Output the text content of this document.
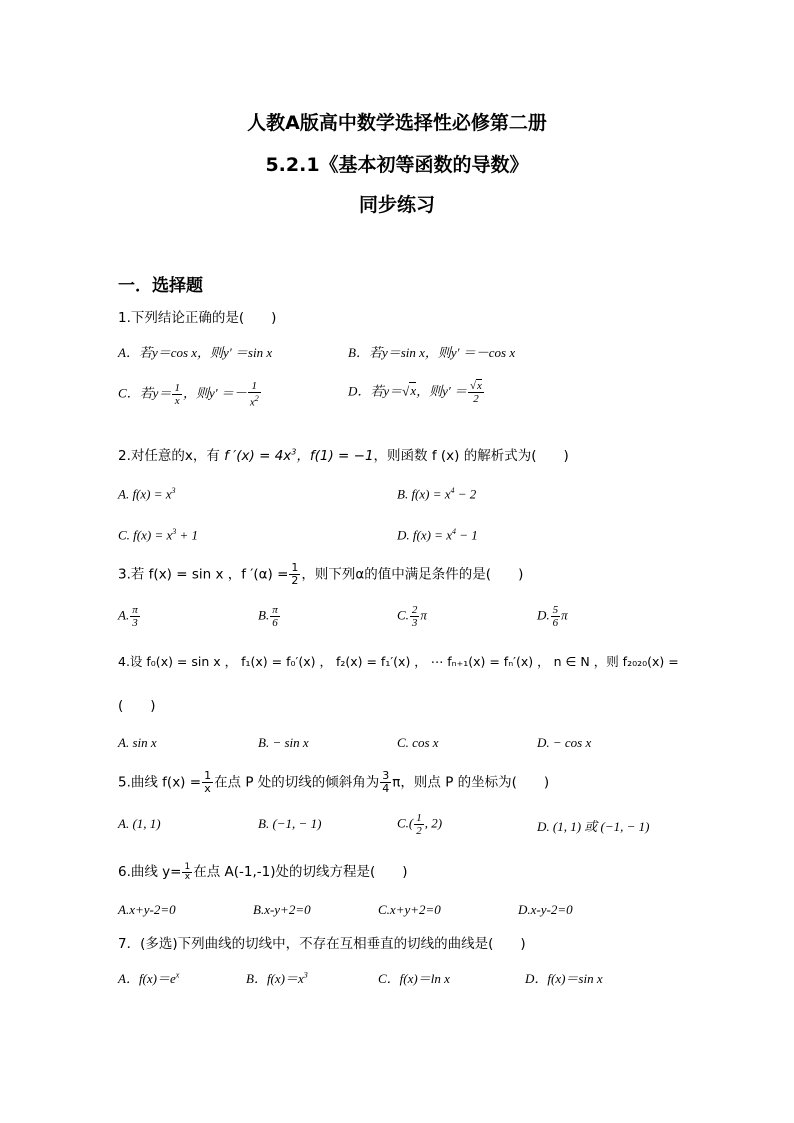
人教A版高中数学选择性必修第二册
5.2.1《基本初等函数的导数》
同步练习
一．选择题
1.下列结论正确的是(　　)
A．若y＝cos x，则y′ ＝sin x	B．若y＝sin x，则y′ ＝－cos x
C．若$y= \frac{1}{x}$ ，则$y' =- \frac{1}{x^2}$	D．若y＝√x，则$y' = \frac{√x}{2}$
2.对任意的x，有 f $'(x) = 4x^3$，f(1) = −1，则函数 f (x) 的解析式为(　　)
A. $f(x) = x^3$	B. $f(x) = x^4 - 2$
C. $f(x) = x^3 + 1$	D. $f(x) = x^4 - 1$
3.若 f(x) = sin x ，f $'(\alpha) = \frac{1}{2}$ ，则下列α的值中满足条件的是(　　)
A. $\frac{\pi}{3}$	B. $\frac{\pi}{6}$	C. $\frac{2}{3}$ π	D. $\frac{5}{6}$ π
4.设 f₀(x) = sin x ， f₁(x) = f₀′(x) ， f₂(x) = f₁′(x) ， ⋯ fₙ₊₁(x) = fₙ′(x) ， n ∈ N ，则 f₂₀₂₀(x) =
(　　)
A. sin x	B. − sin x	C. cos x	D. − cos x
5.曲线 $f(x) = \frac{1}{x}$ 在点 P 处的切线的倾斜角为 $\frac{3}{4}$ π，则点 P 的坐标为(　　)
A. (1, 1)	B. (−1, − 1)	$C.( \frac{1}{2}$ , 2)	D. (1, 1) 或 (−1, − 1)
6.曲线 $y= \frac{1}{x}$ 在点 A(-1,-1)处的切线方程是(　　)
A.x+y-2=0	B.x-y+2=0	C.x+y+2=0	D.x-y-2=0
7．(多选)下列曲线的切线中，不存在互相垂直的切线的曲线是(　　)
A．$f(x)=e^x$	B．$f(x)=x^3$	C．f(x)＝ln x	D．f(x)＝sin x
